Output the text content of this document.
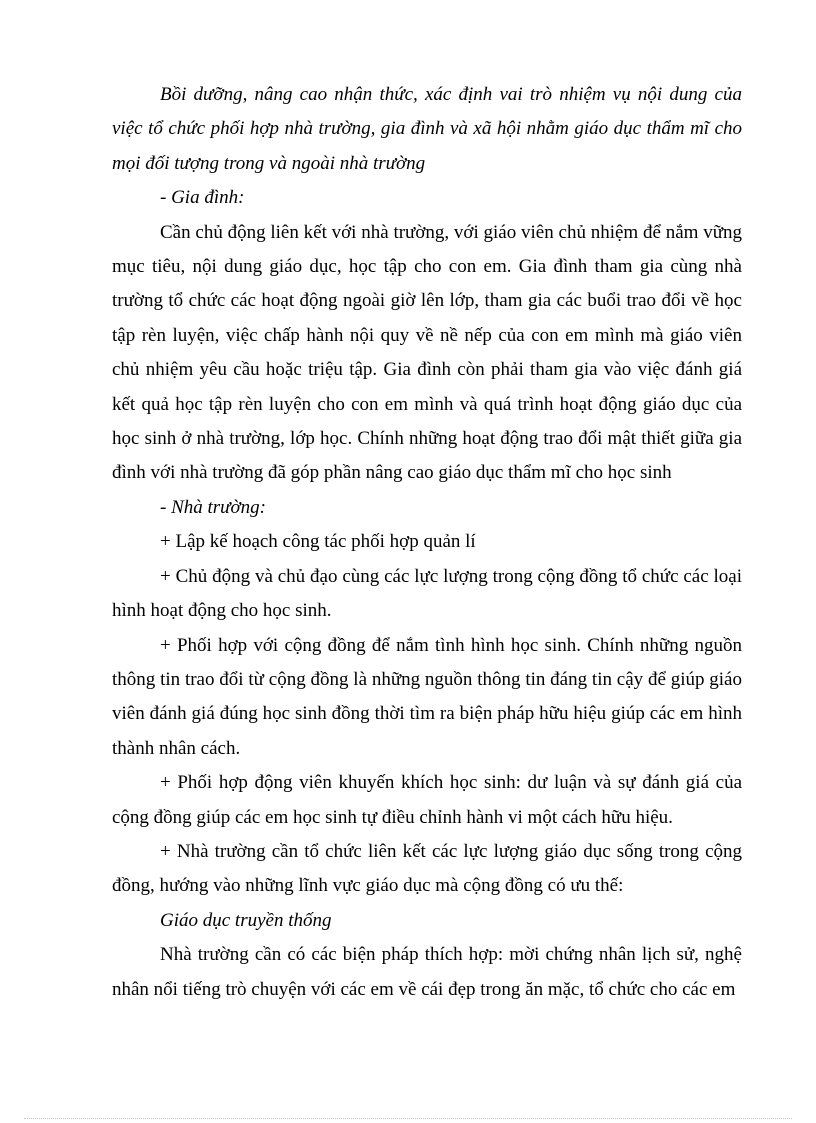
Bồi dưỡng, nâng cao nhận thức, xác định vai trò nhiệm vụ nội dung của việc tổ chức phối hợp nhà trường, gia đình và xã hội nhằm giáo dục thẩm mĩ cho mọi đối tượng trong và ngoài nhà trường

- Gia đình:

Cần chủ động liên kết với nhà trường, với giáo viên chủ nhiệm để nắm vững mục tiêu, nội dung giáo dục, học tập cho con em. Gia đình tham gia cùng nhà trường tổ chức các hoạt động ngoài giờ lên lớp, tham gia các buổi trao đổi về học tập rèn luyện, việc chấp hành nội quy về nề nếp của con em mình mà giáo viên chủ nhiệm yêu cầu hoặc triệu tập. Gia đình còn phải tham gia vào việc đánh giá kết quả học tập rèn luyện cho con em mình và quá trình hoạt động giáo dục của học sinh ở nhà trường, lớp học. Chính những hoạt động trao đổi mật thiết giữa gia đình với nhà trường đã góp phần nâng cao giáo dục thẩm mĩ cho học sinh

- Nhà trường:

+ Lập kế hoạch công tác phối hợp quản lí

+ Chủ động và chủ đạo cùng các lực lượng trong cộng đồng tổ chức các loại hình hoạt động cho học sinh.

+ Phối hợp với cộng đồng để nắm tình hình học sinh. Chính những nguồn thông tin trao đổi từ cộng đồng là những nguồn thông tin đáng tin cậy để giúp giáo viên đánh giá đúng học sinh đồng thời tìm ra biện pháp hữu hiệu giúp các em hình thành nhân cách.

+ Phối hợp động viên khuyến khích học sinh: dư luận và sự đánh giá của cộng đồng giúp các em học sinh tự điều chỉnh hành vi một cách hữu hiệu.

+ Nhà trường cần tổ chức liên kết các lực lượng giáo dục sống trong cộng đồng, hướng vào những lĩnh vực giáo dục mà cộng đồng có ưu thế:

Giáo dục truyền thống

Nhà trường cần có các biện pháp thích hợp: mời chứng nhân lịch sử, nghệ nhân nổi tiếng trò chuyện với các em về cái đẹp trong ăn mặc, tổ chức cho các em
